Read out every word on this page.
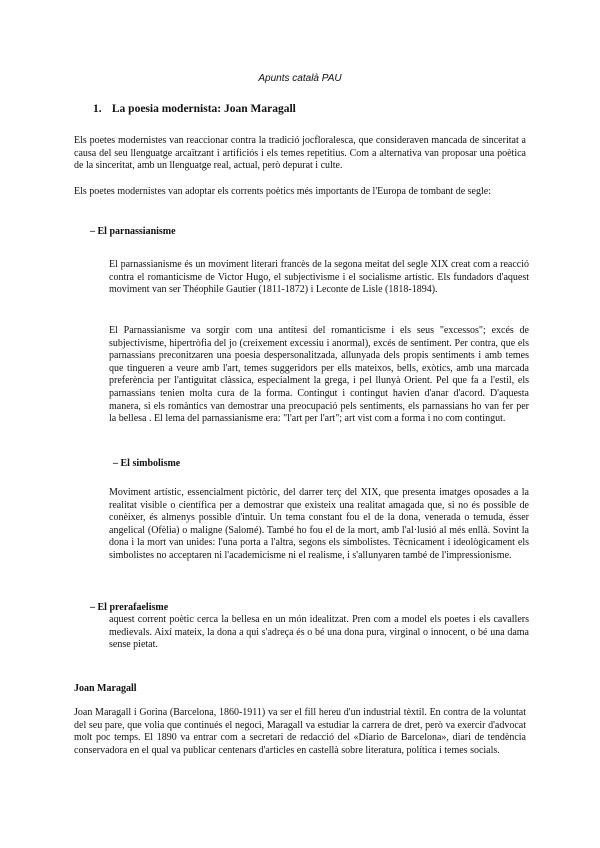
Apunts català PAU
1. La poesia modernista: Joan Maragall

Els poetes modernistes van reaccionar contra la tradició jocfloralesca, que consideraven mancada de sinceritat a causa del seu llenguatge arcaïtzant i artificiós i els temes repetitius. Com a alternativa van proposar una poètica de la sinceritat, amb un llenguatge real, actual, però depurat i culte.

Els poetes modernistes van adoptar els corrents poètics més importants de l'Europa de tombant de segle:

– El parnassianisme

El parnassianisme és un moviment literari francès de la segona meitat del segle XIX creat com a reacció contra el romanticisme de Victor Hugo, el subjectivisme i el socialisme artístic. Els fundadors d'aquest moviment van ser Théophile Gautier (1811-1872) i Leconte de Lisle (1818-1894).

El Parnassianisme va sorgir com una antítesi del romanticisme i els seus "excessos"; excés de subjectivisme, hipertròfia del jo (creixement excessiu i anormal), excés de sentiment. Per contra, que els parnassians preconitzaren una poesia despersonalitzada, allunyada dels propis sentiments i amb temes que tingueren a veure amb l'art, temes suggeridors per ells mateixos, bells, exòtics, amb una marcada preferència per l'antiguitat clàssica, especialment la grega, i pel llunyà Orient. Pel que fa a l'estil, els parnassians tenien molta cura de la forma. Contingut i contingut havien d'anar d'acord. D'aquesta manera, si els romàntics van demostrar una preocupació pels sentiments, els parnassians ho van fer per la bellesa . El lema del parnassianisme era: "l'art per l'art"; art vist com a forma i no com contingut.

– El simbolisme

Moviment artístic, essencialment pictòric, del darrer terç del XIX, que presenta imatges oposades a la realitat visible o científica per a demostrar que existeix una realitat amagada que, si no és possible de conèixer, és almenys possible d'intuir. Un tema constant fou el de la dona, venerada o temuda, ésser angelical (Ofèlia) o maligne (Salomé). També ho fou el de la mort, amb l'al·lusió al més enllà. Sovint la dona i la mort van unides: l'una porta a l'altra, segons els simbolistes. Tècnicament i ideològicament els simbolistes no acceptaren ni l'academicisme ni el realisme, i s'allunyaren també de l'impressionisme.

– El prerafaelisme

aquest corrent poètic cerca la bellesa en un món idealitzat. Pren com a model els poetes i els cavallers medievals. Així mateix, la dona a qui s'adreça és o bé una dona pura, virginal o innocent, o bé una dama sense pietat.

Joan Maragall

Joan Maragall i Gorina (Barcelona, 1860-1911) va ser el fill hereu d'un industrial tèxtil. En contra de la voluntat del seu pare, que volia que continués el negoci, Maragall va estudiar la carrera de dret, però va exercir d'advocat molt poc temps. El 1890 va entrar com a secretari de redacció del «Diario de Barcelona», diari de tendència conservadora en el qual va publicar centenars d'articles en castellà sobre literatura, política i temes socials.
